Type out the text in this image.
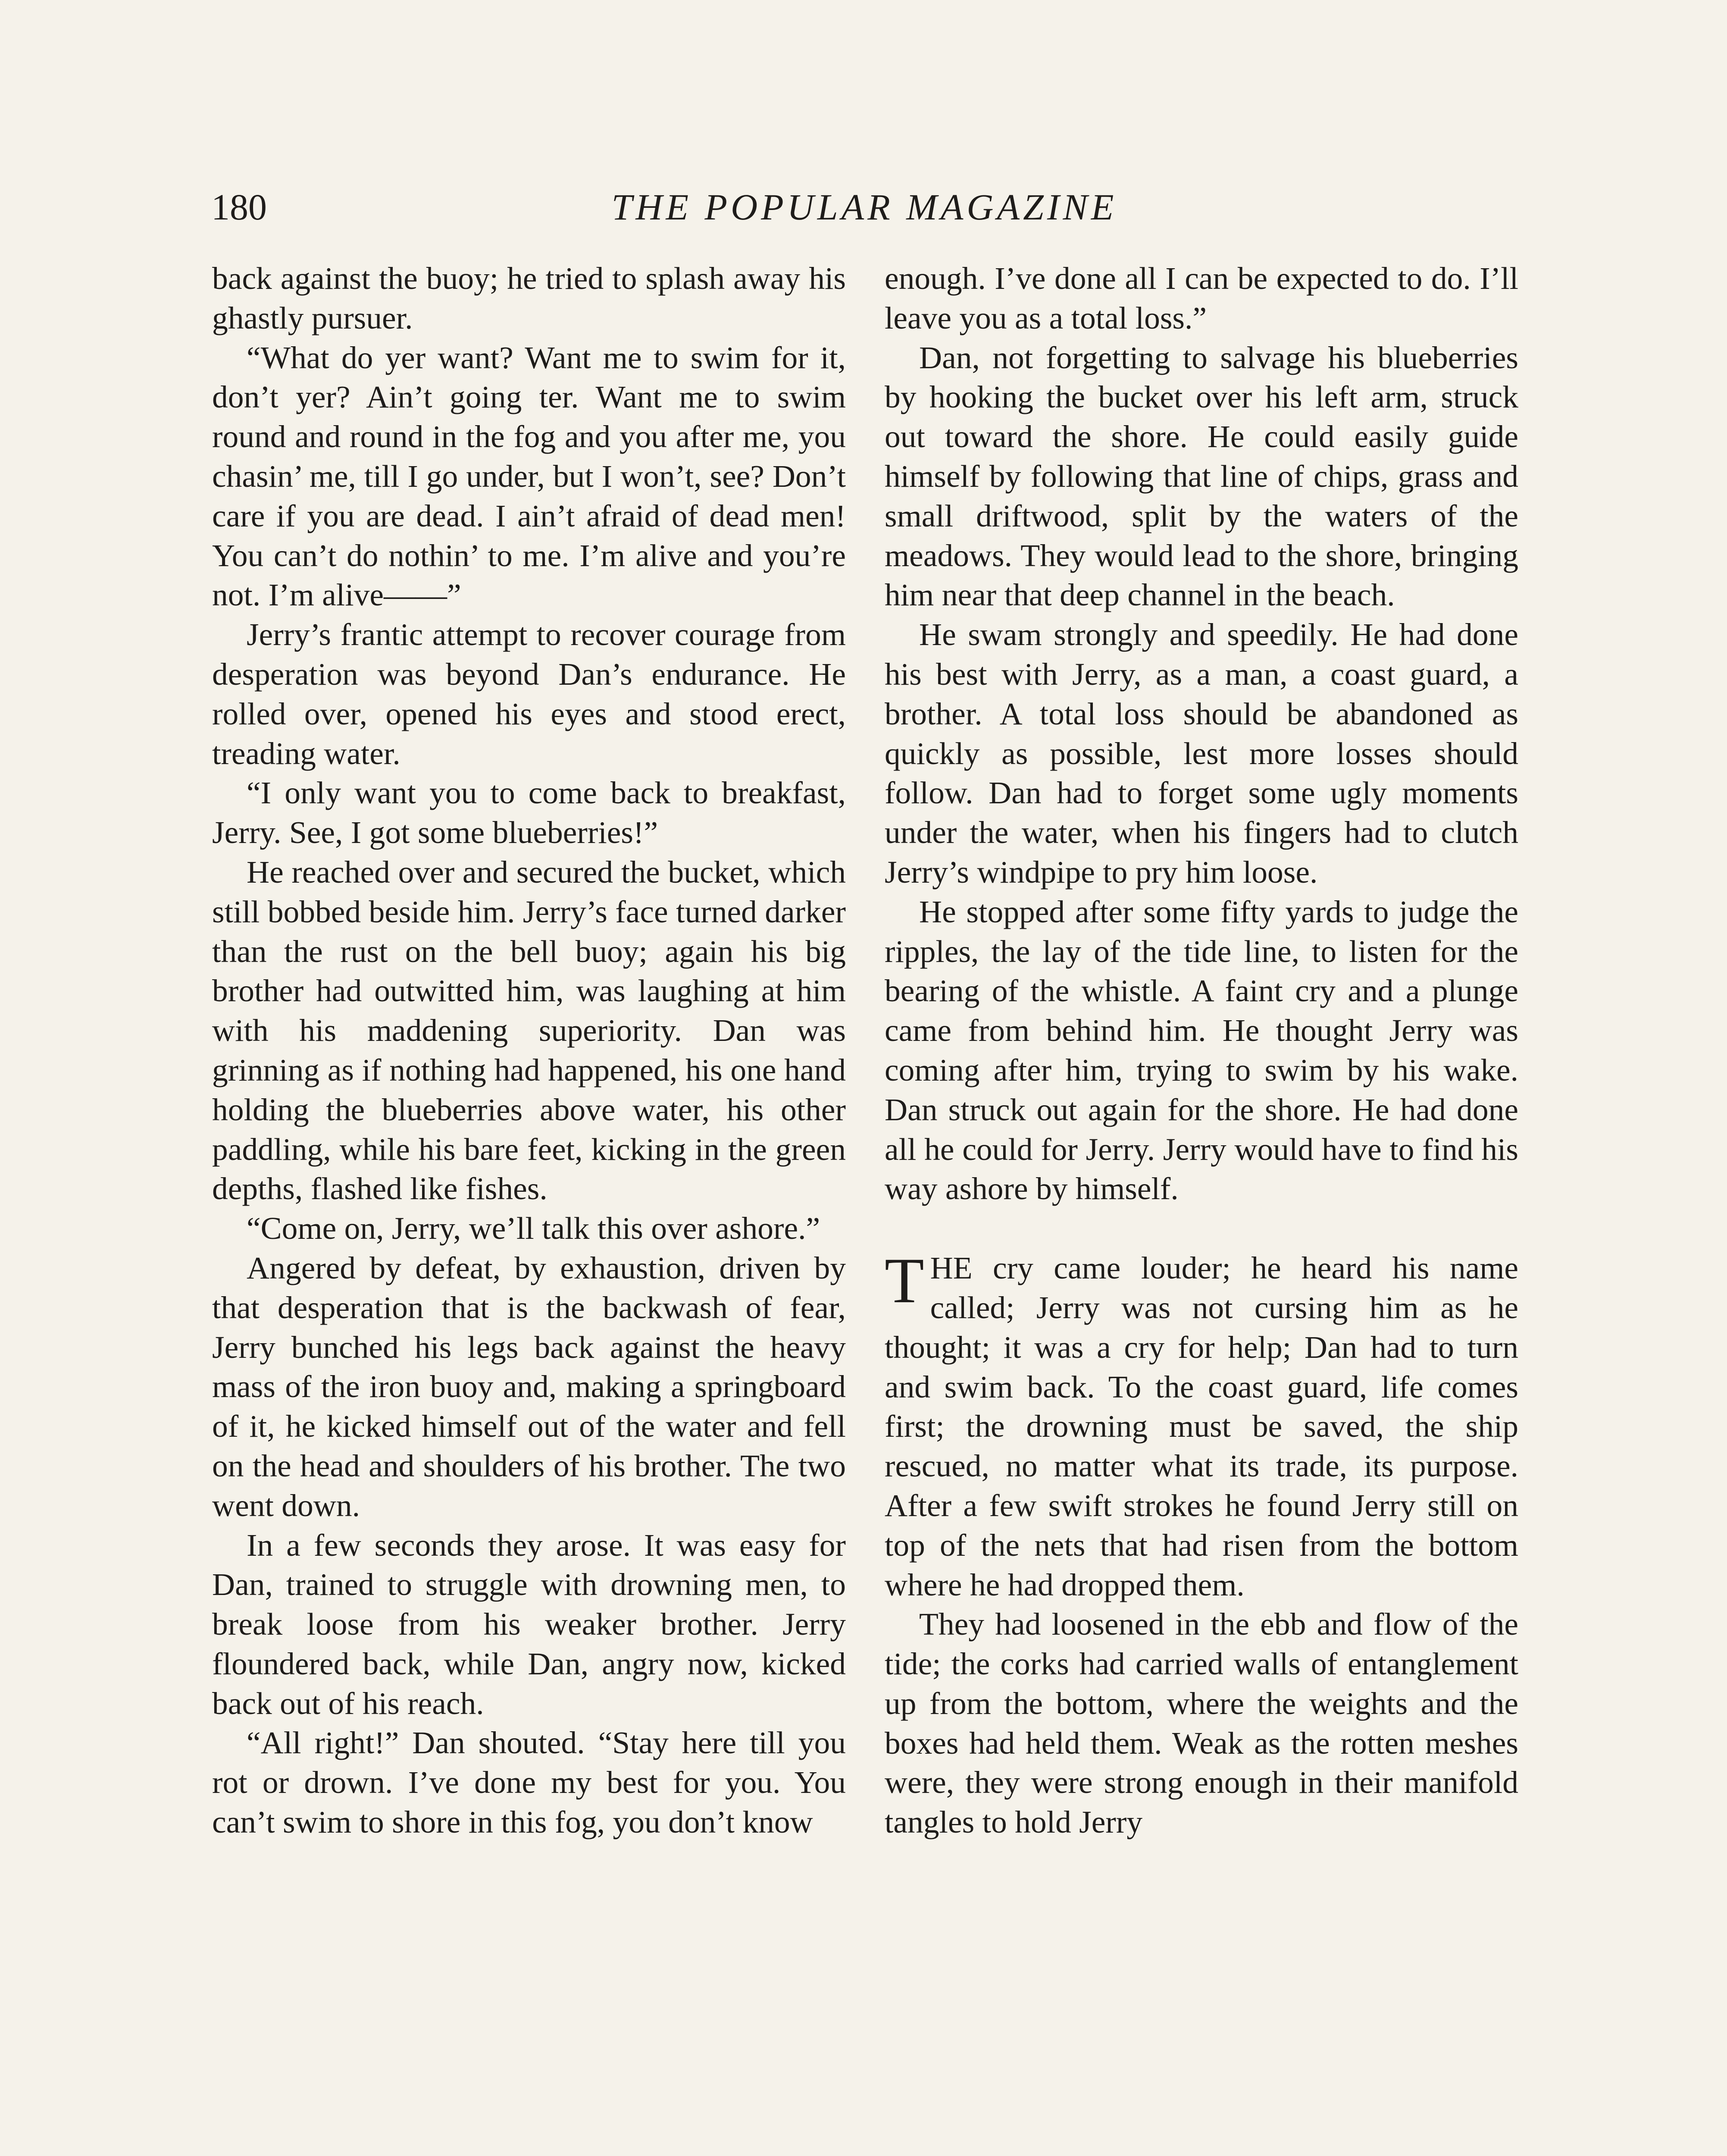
180	THE POPULAR MAGAZINE

back against the buoy; he tried to splash away his ghastly pursuer.

“What do yer want? Want me to swim for it, don’t yer? Ain’t going ter. Want me to swim round and round in the fog and you after me, you chasin’ me, till I go under, but I won’t, see? Don’t care if you are dead. I ain’t afraid of dead men! You can’t do nothin’ to me. I’m alive and you’re not. I’m alive——”

Jerry’s frantic attempt to recover courage from desperation was beyond Dan’s endurance. He rolled over, opened his eyes and stood erect, treading water.

“I only want you to come back to breakfast, Jerry. See, I got some blueberries!”

He reached over and secured the bucket, which still bobbed beside him. Jerry’s face turned darker than the rust on the bell buoy; again his big brother had outwitted him, was laughing at him with his maddening superiority. Dan was grinning as if nothing had happened, his one hand holding the blueberries above water, his other paddling, while his bare feet, kicking in the green depths, flashed like fishes.

“Come on, Jerry, we’ll talk this over ashore.”

Angered by defeat, by exhaustion, driven by that desperation that is the backwash of fear, Jerry bunched his legs back against the heavy mass of the iron buoy and, making a springboard of it, he kicked himself out of the water and fell on the head and shoulders of his brother. The two went down.

In a few seconds they arose. It was easy for Dan, trained to struggle with drowning men, to break loose from his weaker brother. Jerry floundered back, while Dan, angry now, kicked back out of his reach.

“All right!” Dan shouted. “Stay here till you rot or drown. I’ve done my best for you. You can’t swim to shore in this fog, you don’t know

enough. I’ve done all I can be expected to do. I’ll leave you as a total loss.”

Dan, not forgetting to salvage his blueberries by hooking the bucket over his left arm, struck out toward the shore. He could easily guide himself by following that line of chips, grass and small driftwood, split by the waters of the meadows. They would lead to the shore, bringing him near that deep channel in the beach.

He swam strongly and speedily. He had done his best with Jerry, as a man, a coast guard, a brother. A total loss should be abandoned as quickly as possible, lest more losses should follow. Dan had to forget some ugly moments under the water, when his fingers had to clutch Jerry’s windpipe to pry him loose.

He stopped after some fifty yards to judge the ripples, the lay of the tide line, to listen for the bearing of the whistle. A faint cry and a plunge came from behind him. He thought Jerry was coming after him, trying to swim by his wake. Dan struck out again for the shore. He had done all he could for Jerry. Jerry would have to find his way ashore by himself.

THE cry came louder; he heard his name called; Jerry was not cursing him as he thought; it was a cry for help; Dan had to turn and swim back. To the coast guard, life comes first; the drowning must be saved, the ship rescued, no matter what its trade, its purpose. After a few swift strokes he found Jerry still on top of the nets that had risen from the bottom where he had dropped them.

They had loosened in the ebb and flow of the tide; the corks had carried walls of entanglement up from the bottom, where the weights and the boxes had held them. Weak as the rotten meshes were, they were strong enough in their manifold tangles to hold Jerry
